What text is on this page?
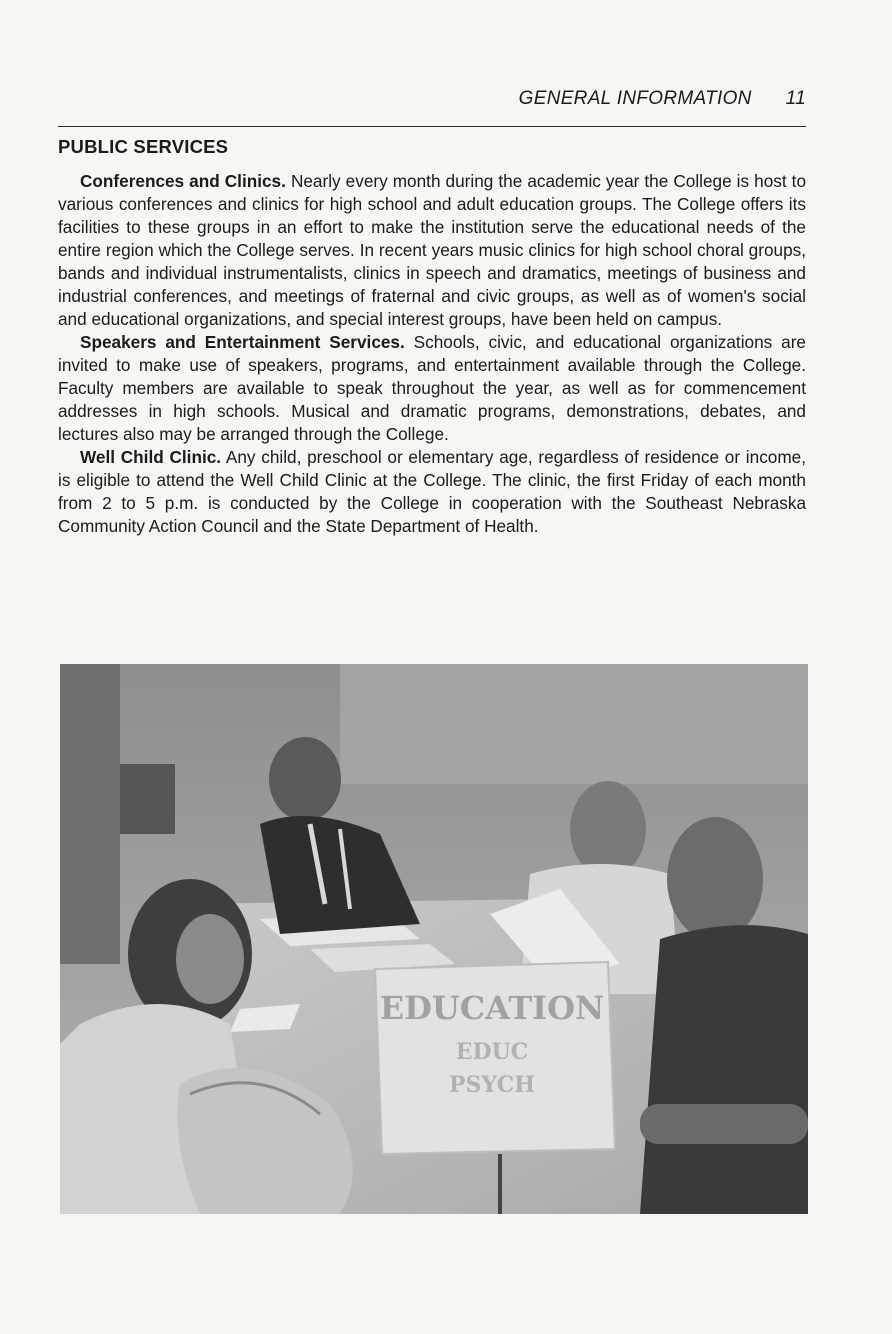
GENERAL INFORMATION 11
PUBLIC SERVICES

Conferences and Clinics. Nearly every month during the academic year the College is host to various conferences and clinics for high school and adult education groups. The College offers its facilities to these groups in an effort to make the institution serve the educational needs of the entire region which the College serves. In recent years music clinics for high school choral groups, bands and individual instrumentalists, clinics in speech and dramatics, meetings of business and industrial conferences, and meetings of fraternal and civic groups, as well as of women's social and educational organizations, and special interest groups, have been held on campus.

Speakers and Entertainment Services. Schools, civic, and educational organizations are invited to make use of speakers, programs, and entertainment available through the College. Faculty members are available to speak throughout the year, as well as for commencement addresses in high schools. Musical and dramatic programs, demonstrations, debates, and lectures also may be arranged through the College.

Well Child Clinic. Any child, preschool or elementary age, regardless of residence or income, is eligible to attend the Well Child Clinic at the College. The clinic, the first Friday of each month from 2 to 5 p.m. is conducted by the College in cooperation with the Southeast Nebraska Community Action Council and the State Department of Health.

EDUCATION
EDUC
PSYCH
